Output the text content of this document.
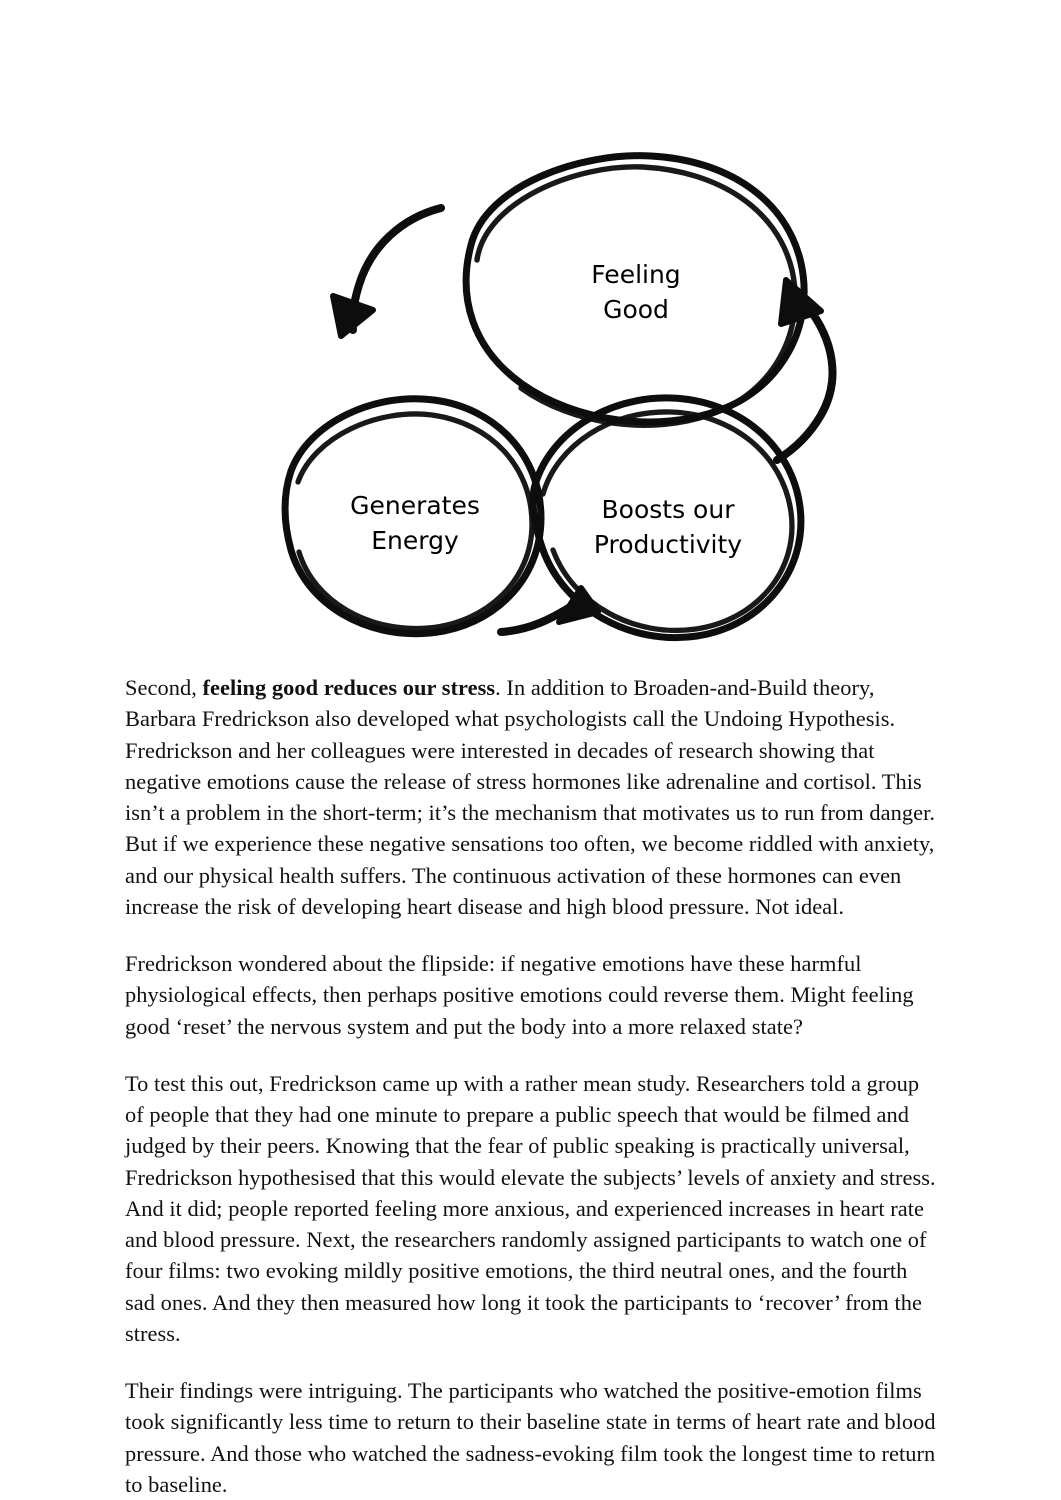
Feeling
Good
Boosts our
Productivity
Generates
Energy

Second, feeling good reduces our stress. In addition to Broaden-and-Build theory, Barbara Fredrickson also developed what psychologists call the Undoing Hypothesis. Fredrickson and her colleagues were interested in decades of research showing that negative emotions cause the release of stress hormones like adrenaline and cortisol. This isn’t a problem in the short-term; it’s the mechanism that motivates us to run from danger. But if we experience these negative sensations too often, we become riddled with anxiety, and our physical health suffers. The continuous activation of these hormones can even increase the risk of developing heart disease and high blood pressure. Not ideal.

Fredrickson wondered about the flipside: if negative emotions have these harmful physiological effects, then perhaps positive emotions could reverse them. Might feeling good ‘reset’ the nervous system and put the body into a more relaxed state?

To test this out, Fredrickson came up with a rather mean study. Researchers told a group of people that they had one minute to prepare a public speech that would be filmed and judged by their peers. Knowing that the fear of public speaking is practically universal, Fredrickson hypothesised that this would elevate the subjects’ levels of anxiety and stress. And it did; people reported feeling more anxious, and experienced increases in heart rate and blood pressure. Next, the researchers randomly assigned participants to watch one of four films: two evoking mildly positive emotions, the third neutral ones, and the fourth sad ones. And they then measured how long it took the participants to ‘recover’ from the stress.

Their findings were intriguing. The participants who watched the positive-emotion films took significantly less time to return to their baseline state in terms of heart rate and blood pressure. And those who watched the sadness-evoking film took the longest time to return to baseline.
